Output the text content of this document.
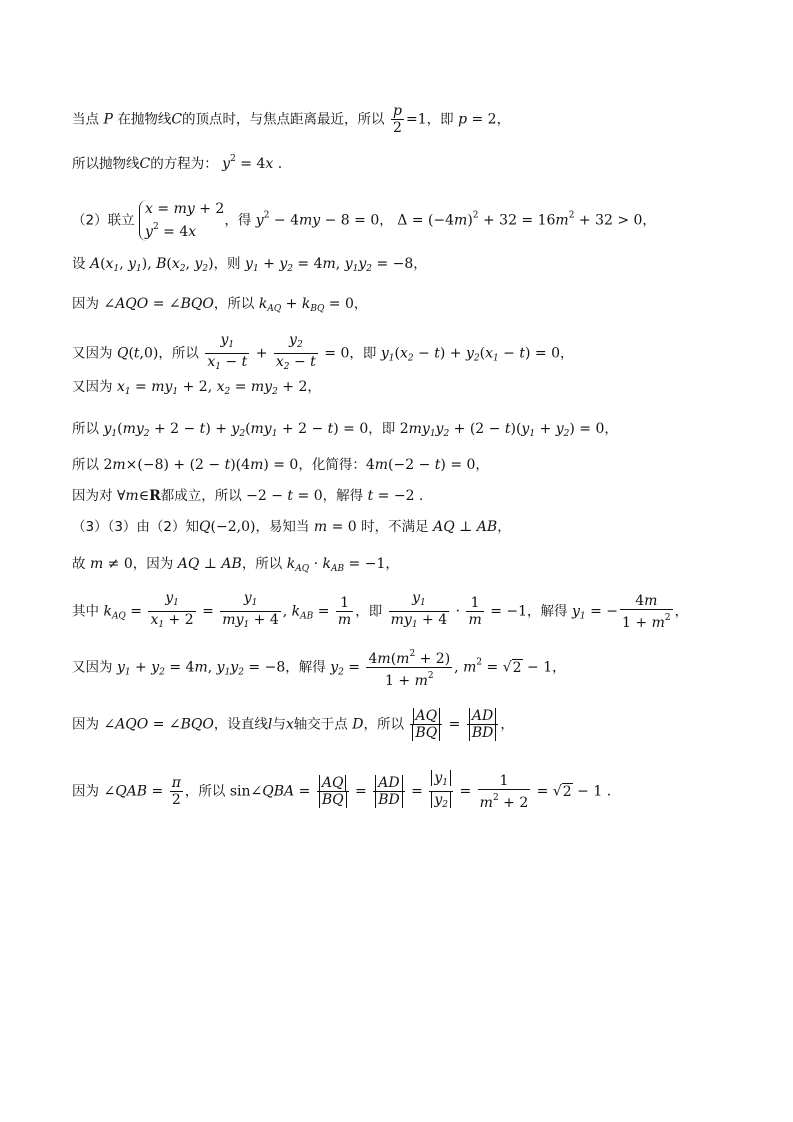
当点 P 在抛物线C的顶点时，与焦点距离最近，所以 $\frac{p}{2} =1$，即 p = 2，
所以抛物线C的方程为： $y^2 = 4x$ .
（2）联立 x = my + 2
$y^2 = 4x$，得 $y^2 - 4my - 8 = 0$， $\Delta = (-4m)^2 + 32 = 16m^2 + 32 > 0$，
设 $A(x_1$, $y_1$), $B(x_2$, $y_2$)，则 $y_1 + y_2 = 4m$, $y_1y_2 = -8$，
因为 ∠AQO = ∠BQO，所以 $k_{AQ} + k_{BQ} = 0$，
又因为 Q(t,0)，所以 $\frac{y_1}{x_1 - t} + \frac{y_2}{x_2 - t} = 0$，即 $y_1(x_2 - t) + y_2(x_1 - t) = 0$，
又因为 $x_1 = my_1 + 2$, $x_2 = my_2 + 2$，
所以 $y_1(my_2 + 2 - t) + y_2(my_1 + 2 - t) = 0$，即 $2my_1y_2 + (2 - t)(y_1 + y_2) = 0$，
所以 2m×(−8) + (2 − t)(4m) = 0，化简得：4m(−2 − t) = 0，
因为对 ∀m∈R都成立，所以 −2 − t = 0，解得 t = −2 .
（3）（3）由（2）知Q(−2,0)，易知当 m = 0 时，不满足 AQ ⊥ AB，
故 m ≠ 0，因为 AQ ⊥ AB，所以 $k_{AQ} \cdot k_{AB} = -1$，
其中 $k_{AQ} = \frac{y_1}{x_1 + 2} = \frac{y_1}{my_1 + 4}$ , $k_{AB} = \frac{1}{m}$ ，即 $\frac{y_1}{my_1 + 4} \cdot \frac{1}{m} = -1$，解得 $y_1$ = − $\frac{4m}{1 + m^2}$ ，
又因为 $y_1 + y_2 = 4m$, $y_1y_2 = -8$，解得 $y_2 = \frac{4m(m^2 + 2)}{1 + m^2}$ , $m^2 = √2 - 1$，
因为 ∠AQO = ∠BQO，设直线l与x轴交于点 D，所以 $\frac{AQ}{BQ} = \frac{AD}{BD}$ ，
因为 ∠QAB = $\frac{\pi}{2}$ ，所以 sin∠QBA = $\frac{AQ}{BQ} = \frac{AD}{BD} = \frac{y_1}{y_2} = \frac{1}{m^2 + 2} = √2 - 1$ .
